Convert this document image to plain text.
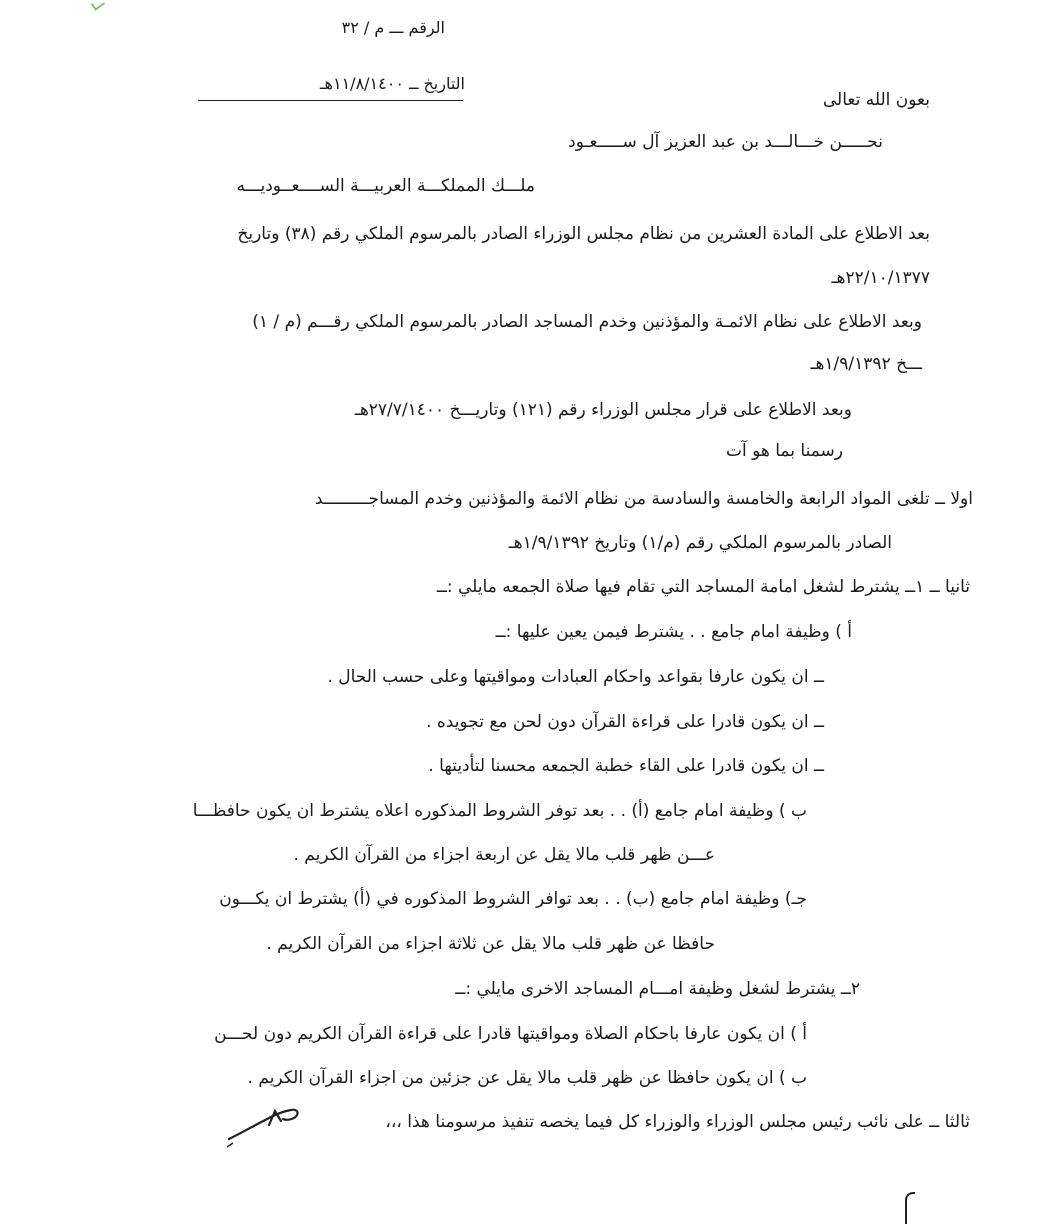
الرقم ـــ م / ٣٢
التاريخ ــ ١١/٨/١٤٠٠هـ
بعون الله تعالى
نحـــــن خـــالـــد بن عبد العزيز آل ســـــعـود
ملـــك المملكـــة العربيـــة الســــعــوديـــه
بعد الاطلاع على المادة العشرين من نظام مجلس الوزراء الصادر بالمرسوم الملكي رقم (٣٨) وتاريخ
٢٢/١٠/١٣٧٧هـ
وبعد الاطلاع على نظام الائمـة والمؤذنين وخدم المساجد الصادر بالمرسوم الملكي رقـــم (م / ١)
ـــخ ١/٩/١٣٩٢هـ
وبعد الاطلاع على قرار مجلس الوزراء رقم (١٢١) وتاريـــخ ٢٧/٧/١٤٠٠هـ
رسمنا بما هو آت
اولا ــ تلغى المواد الرابعة والخامسة والسادسة من نظام الائمة والمؤذنين وخدم المساجـــــــــد
الصادر بالمرسوم الملكي رقم (م/١) وتاريخ ١/٩/١٣٩٢هـ
ثانيا ــ ١ــ يشترط لشغل امامة المساجد التي تقام فيها صلاة الجمعه مايلي :ــ
أ ) وظيفة امام جامع . . يشترط فيمن يعين عليها :ــ
ــ ان يكون عارفا بقواعد واحكام العبادات ومواقيتها وعلى حسب الحال .
ــ ان يكون قادرا على قراءة القرآن دون لحن مع تجويده .
ــ ان يكون قادرا على القاء خطبة الجمعه محسنا لتأديتها .
ب ) وظيفة امام جامع (أ) . . بعد توفر الشروط المذكوره اعلاه يشترط ان يكون حافظـــا
عـــن ظهر قلب مالا يقل عن اربعة اجزاء من القرآن الكريم .
جـ) وظيفة امام جامع (ب) . . بعد توافر الشروط المذكوره في (أ) يشترط ان يكـــون
حافظا عن ظهر قلب مالا يقل عن ثلاثة اجزاء من القرآن الكريم .
٢ــ يشترط لشغل وظيفة امـــام المساجد الاخرى مايلي :ــ
أ ) ان يكون عارفا باحكام الصلاة ومواقيتها قادرا على قراءة القرآن الكريم دون لحـــن
ب ) ان يكون حافظا عن ظهر قلب مالا يقل عن جزئين من اجزاء القرآن الكريم .
ثالثا ــ على نائب رئيس مجلس الوزراء والوزراء كل فيما يخصه تنفيذ مرسومنا هذا ،،،
